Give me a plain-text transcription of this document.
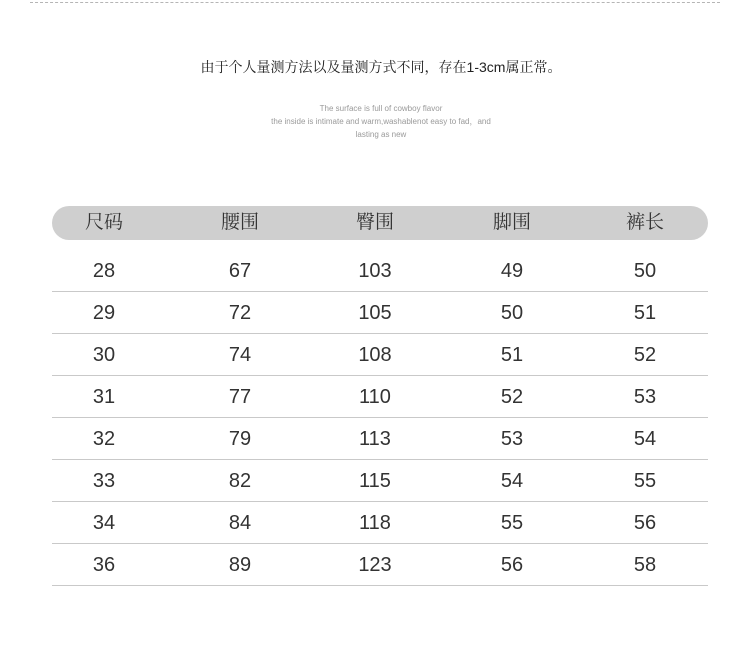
由于个人量测方法以及量测方式不同，存在1-3cm属正常。
The surface is full of cowboy flavor
the inside is intimate and warm,washablenot easy to fad，and
lasting as new
尺码	腰围	臀围	脚围	裤长
28	67	103	49	50
29	72	105	50	51
30	74	108	51	52
31	77	110	52	53
32	79	113	53	54
33	82	115	54	55
34	84	118	55	56
36	89	123	56	58
